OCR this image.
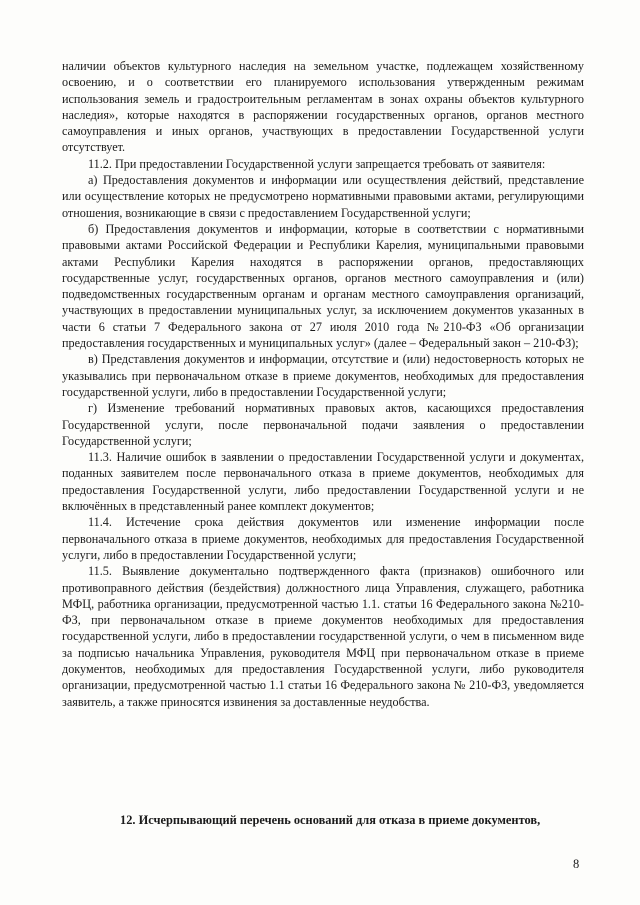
наличии объектов культурного наследия на земельном участке, подлежащем хозяйственному освоению, и о соответствии его планируемого использования утвержденным режимам использования земель и градостроительным регламентам в зонах охраны объектов культурного наследия», которые находятся в распоряжении государственных органов, органов местного самоуправления и иных органов, участвующих в предоставлении Государственной услуги отсутствует.

11.2. При предоставлении Государственной услуги запрещается требовать от заявителя:

а) Предоставления документов и информации или осуществления действий, представление или осуществление которых не предусмотрено нормативными правовыми актами, регулирующими отношения, возникающие в связи с предоставлением Государственной услуги;

б) Предоставления документов и информации, которые в соответствии с нормативными правовыми актами Российской Федерации и Республики Карелия, муниципальными правовыми актами Республики Карелия находятся в распоряжении органов, предоставляющих государственные услуг, государственных органов, органов местного самоуправления и (или) подведомственных государственным органам и органам местного самоуправления организаций, участвующих в предоставлении муниципальных услуг, за исключением документов указанных в части 6 статьи 7 Федерального закона от 27 июля 2010 года №210-ФЗ «Об организации предоставления государственных и муниципальных услуг» (далее – Федеральный закон – 210-ФЗ);

в) Представления документов и информации, отсутствие и (или) недостоверность которых не указывались при первоначальном отказе в приеме документов, необходимых для предоставления государственной услуги, либо в предоставлении Государственной услуги;

г) Изменение требований нормативных правовых актов, касающихся предоставления Государственной услуги, после первоначальной подачи заявления о предоставлении Государственной услуги;

11.3. Наличие ошибок в заявлении о предоставлении Государственной услуги и документах, поданных заявителем после первоначального отказа в приеме документов, необходимых для предоставления Государственной услуги, либо предоставлении Государственной услуги и не включённых в представленный ранее комплект документов;

11.4. Истечение срока действия документов или изменение информации после первоначального отказа в приеме документов, необходимых для предоставления Государственной услуги, либо в предоставлении Государственной услуги;

11.5. Выявление документально подтвержденного факта (признаков) ошибочного или противоправного действия (бездействия) должностного лица Управления, служащего, работника МФЦ, работника организации, предусмотренной частью 1.1. статьи 16 Федерального закона №210-ФЗ, при первоначальном отказе в приеме документов необходимых для предоставления государственной услуги, либо в предоставлении государственной услуги, о чем в письменном виде за подписью начальника Управления, руководителя МФЦ при первоначальном отказе в приеме документов, необходимых для предоставления Государственной услуги, либо руководителя организации, предусмотренной частью 1.1 статьи 16 Федерального закона № 210-ФЗ, уведомляется заявитель, а также приносятся извинения за доставленные неудобства.

12. Исчерпывающий перечень оснований для отказа в приеме документов,
8
